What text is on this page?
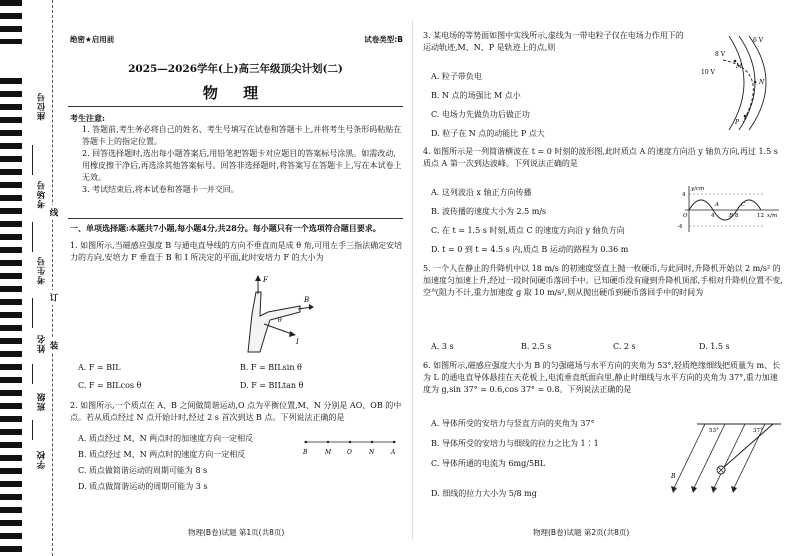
座位号
考场号
考生号
姓名
班级
学校
线
订
装
绝密★启用前	试卷类型:B
2025—2026学年(上)高三年级顶尖计划(二)
物 理

考生注意:

1. 答题前,考生务必将自己的姓名、考生号填写在试卷和答题卡上,并将考生号条形码粘贴在答题卡上的指定位置。

2. 回答选择题时,选出每小题答案后,用铅笔把答题卡对应题目的答案标号涂黑。如需改动,用橡皮擦干净后,再选涂其他答案标号。回答非选择题时,将答案写在答题卡上,写在本试卷上无效。

3. 考试结束后,将本试卷和答题卡一并交回。

一、单项选择题:本题共7小题,每小题4分,共28分。每小题只有一个选项符合题目要求。

1. 如图所示,当磁感应强度 B 与通电直导线的方向不垂直而是成 θ 角,可用左手三指法确定安培力的方向,安培力 F 垂直于 B 和 I 所决定的平面,此时安培力 F 的大小为

F
B
I
θ
A. F = BIL	B. F = BILsin θ
C. F = BILcos θ	D. F = BILtan θ

2. 如图所示,一个质点在 A、B 之间做简谐运动,O 点为平衡位置,M、N 分别是 AO、OB 的中点。若从质点经过 N 点开始计时,经过 2 s 首次到达 B 点。下列说法正确的是

A. 质点经过 M、N 两点时的加速度方向一定相反
B. 质点经过 M、N 两点时的速度方向一定相反
C. 质点做简谐运动的周期可能为 8 s
D. 质点做简谐运动的周期可能为 3 s
B	M	O	N	A
物理(B卷)试题 第1页(共8页)

3. 某电场的等势面如图中实线所示,虚线为一带电粒子仅在电场力作用下的运动轨迹,M、N、P 是轨迹上的点,则

A. 粒子带负电
B. N 点的场强比 M 点小
C. 电场力先做负功后做正功
D. 粒子在 N 点的动能比 P 点大
6 V
8 V
10 V
M
N
P

4. 如图所示是一列简谐横波在 t = 0 时刻的波形图,此时质点 A 的速度方向沿 y 轴负方向,再过 1.5 s 质点 A 第一次到达波峰。下列说法正确的是

A. 这列波沿 x 轴正方向传播
B. 波传播的速度大小为 2.5 m/s
C. 在 t = 1.5 s 时刻,质点 C 的速度方向沿 y 轴负方向
D. t = 0 到 t = 4.5 s 内,质点 B 运动的路程为 0.36 m
y/cm
4
-4
O
A
B
C
4	8	12 x/m

5. 一个人在静止的升降机中以 18 m/s 的初速度竖直上抛一枚硬币,与此同时,升降机开始以 2 m/s² 的加速度匀加速上升,经过一段时间硬币落回手中。已知硬币没有碰到升降机顶部,手相对升降机位置不变,空气阻力不计,重力加速度 g 取 10 m/s²,则从抛出硬币到硬币落回手中的时间为

A. 3 s	B. 2.5 s	C. 2 s	D. 1.5 s

6. 如图所示,磁感应强度大小为 B 的匀强磁场与水平方向的夹角为 53°,轻质绝缘细线把质量为 m、长为 L 的通电直导体悬挂在天花板上,电流垂直纸面向里,静止时细线与水平方向的夹角为 37°,重力加速度为 g,sin 37° = 0.6,cos 37° = 0.8。下列说法正确的是

A. 导体所受的安培力与竖直方向的夹角为 37°
B. 导体所受的安培力与细线的拉力之比为 1∶1
C. 导体所通的电流为 6mg/5BL
D. 细线的拉力大小为 5/8 mg
53°	37°
B
物理(B卷)试题 第2页(共8页)
